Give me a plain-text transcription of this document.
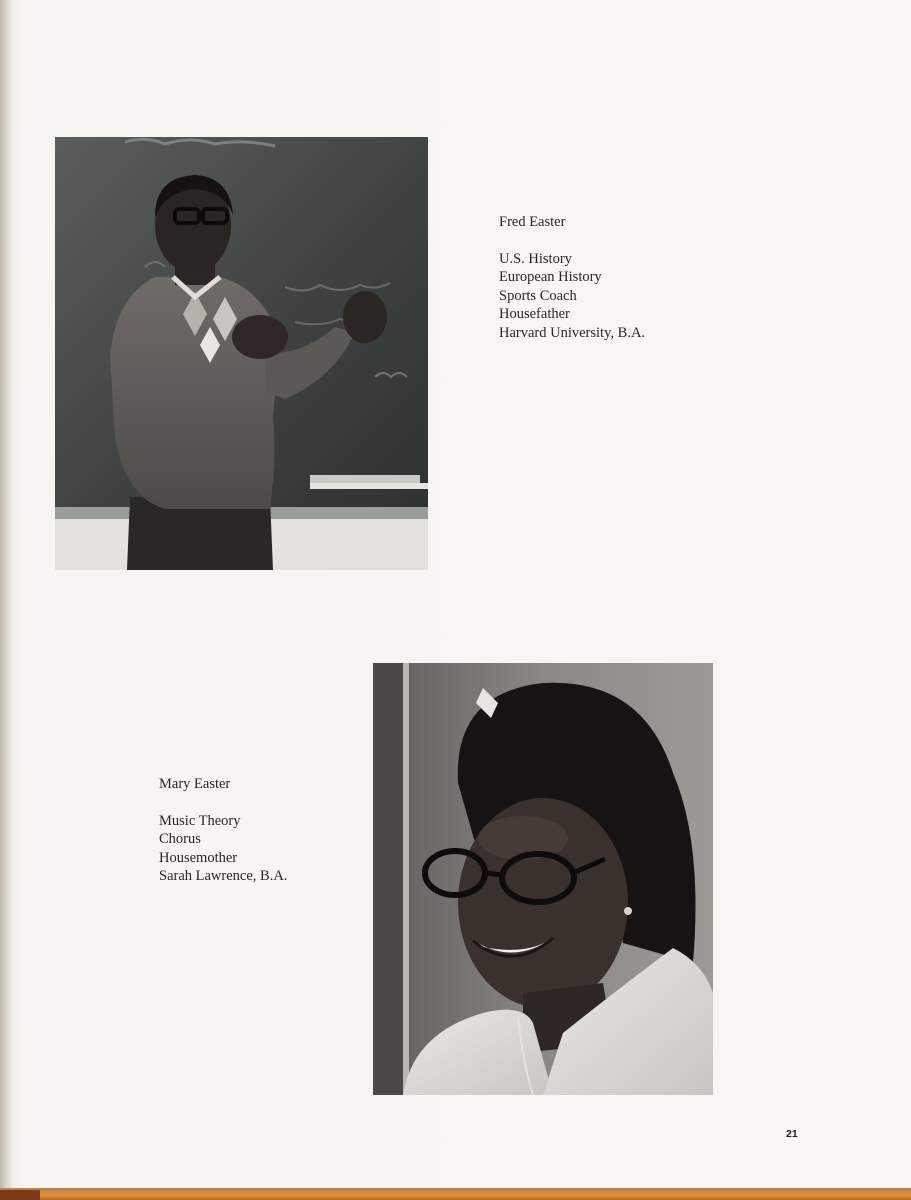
Fred Easter
U.S. History
European History
Sports Coach
Housefather
Harvard University, B.A.
Mary Easter
Music Theory
Chorus
Housemother
Sarah Lawrence, B.A.
21
